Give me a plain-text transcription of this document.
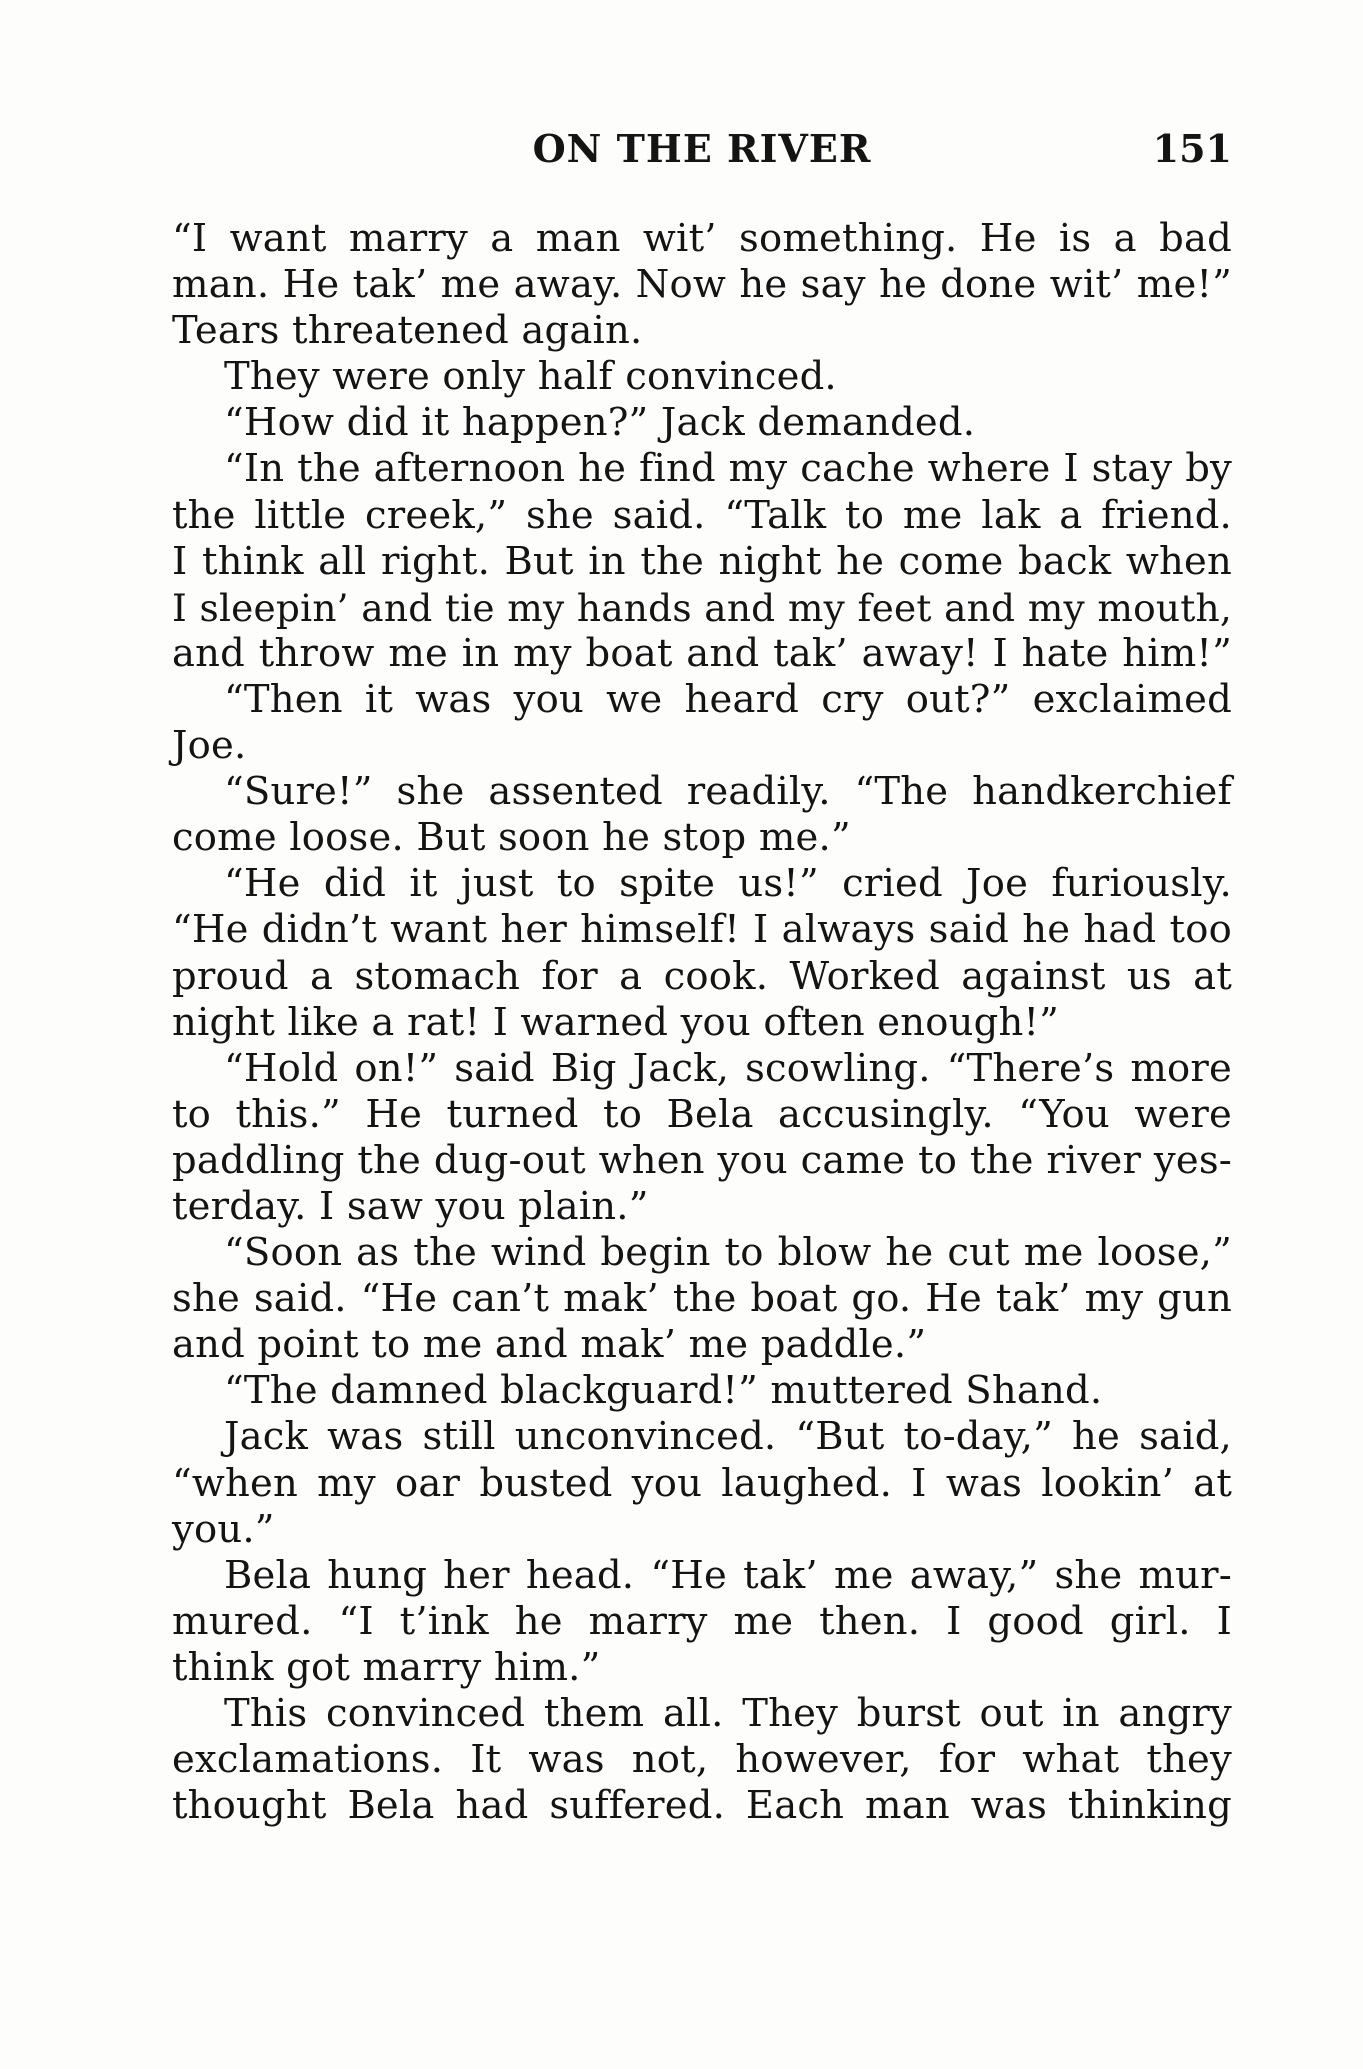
ON THE RIVER	151
“I want marry a man wit’ something. He is a bad
man. He tak’ me away. Now he say he done wit’ me!”
Tears threatened again.
They were only half convinced.
“How did it happen?” Jack demanded.
“In the afternoon he find my cache where I stay by
the little creek,” she said. “Talk to me lak a friend.
I think all right. But in the night he come back when
I sleepin’ and tie my hands and my feet and my mouth,
and throw me in my boat and tak’ away! I hate him!”
“Then it was you we heard cry out?” exclaimed
Joe.
“Sure!” she assented readily. “The handkerchief
come loose. But soon he stop me.”
“He did it just to spite us!” cried Joe furiously.
“He didn’t want her himself! I always said he had too
proud a stomach for a cook. Worked against us at
night like a rat! I warned you often enough!”
“Hold on!” said Big Jack, scowling. “There’s more
to this.” He turned to Bela accusingly. “You were
paddling the dug-out when you came to the river yes-
terday. I saw you plain.”
“Soon as the wind begin to blow he cut me loose,”
she said. “He can’t mak’ the boat go. He tak’ my gun
and point to me and mak’ me paddle.”
“The damned blackguard!” muttered Shand.
Jack was still unconvinced. “But to-day,” he said,
“when my oar busted you laughed. I was lookin’ at
you.”
Bela hung her head. “He tak’ me away,” she mur-
mured. “I t’ink he marry me then. I good girl. I
think got marry him.”
This convinced them all. They burst out in angry
exclamations. It was not, however, for what they
thought Bela had suffered. Each man was thinking
